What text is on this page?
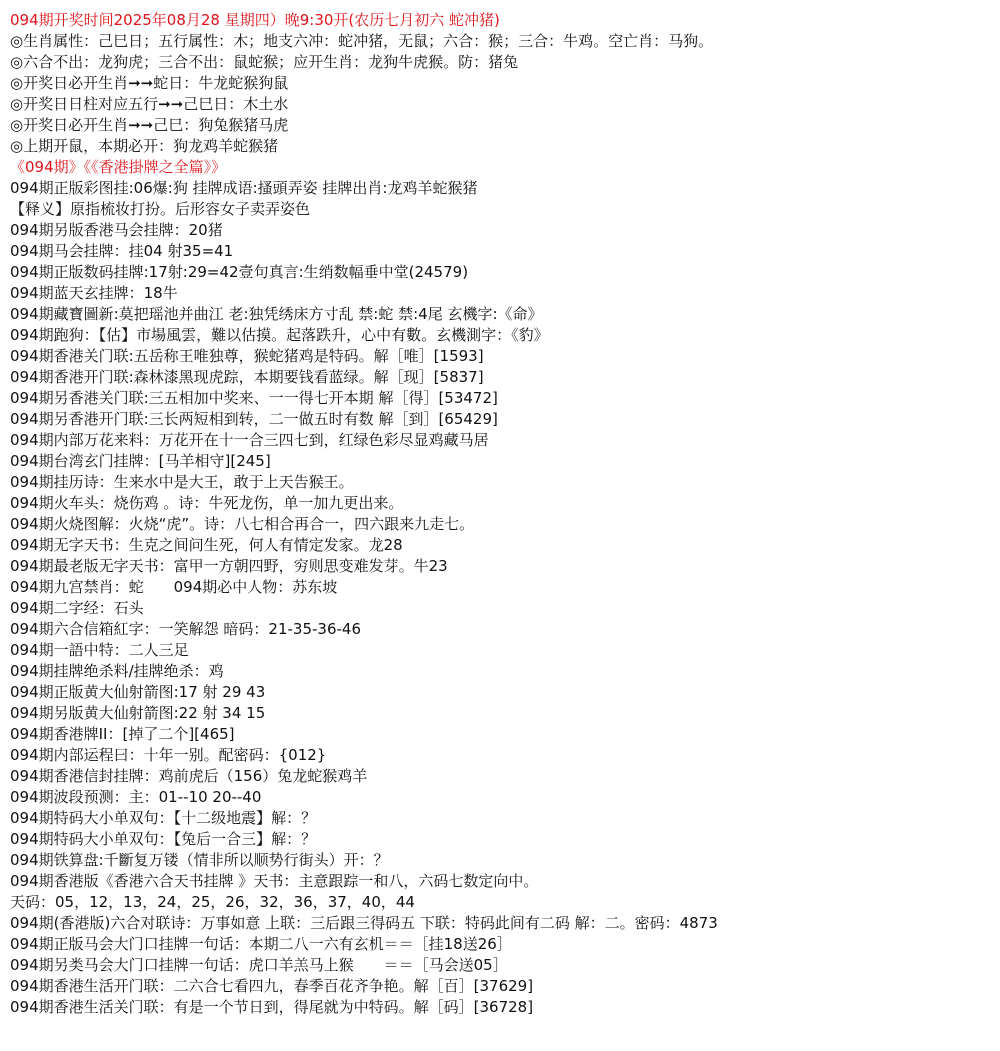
094期开奖时间2025年08月28 星期四）晚9:30开(农历七月初六 蛇冲猪)
◎生肖属性：己巳日；五行属性：木；地支六冲：蛇冲猪，无鼠；六合：猴；三合：牛鸡。空亡肖：马狗。
◎六合不出：龙狗虎；三合不出：鼠蛇猴；应开生肖：龙狗牛虎猴。防：猪兔
◎开奖日必开生肖➞➞蛇日：牛龙蛇猴狗鼠
◎开奖日日柱对应五行➞➞己巳日：木土水
◎开奖日必开生肖➞➞己巳：狗兔猴猪马虎
◎上期开鼠，本期必开：狗龙鸡羊蛇猴猪
《094期》《《香港掛牌之全篇》》
094期正版彩图挂:06爆:狗 挂牌成语:搔頭弄姿 挂牌出肖:龙鸡羊蛇猴猪
【释义】原指梳妆打扮。后形容女子卖弄姿色
094期另版香港马会挂牌：20猪
094期马会挂牌：挂04 射35=41
094期正版数码挂牌:17射:29=42壹句真言:生绡数幅垂中堂(24579)
094期蓝天玄挂牌：18牛
094期藏寶圖新:莫把瑶池并曲江 老:独凭绣床方寸乱 禁:蛇 禁:4尾 玄機字:《命》
094期跑狗：【估】市場風雲，難以估摸。起落跌升，心中有數。玄機測字：《豹》
094期香港关门联:五岳称王唯独尊，猴蛇猪鸡是特码。解［唯］[1593]
094期香港开门联:森林漆黑现虎踪，本期要钱看蓝绿。解［现］[5837]
094期另香港关门联:三五相加中奖来、一一得七开本期 解［得］[53472]
094期另香港开门联:三长两短相到转，二一做五时有数 解［到］[65429]
094期内部万花来料：万花开在十一合三四七到，红绿色彩尽显鸡藏马居
094期台湾玄门挂牌：[马羊相守][245]
094期挂历诗：生来水中是大王，敢于上天告猴王。
094期火车头：烧伤鸡 。诗：牛死龙伤，单一加九更出来。
094期火烧图解：火烧“虎”。诗：八七相合再合一，四六跟来九走七。
094期无字天书：生克之间问生死，何人有情定发家。龙28
094期最老版无字天书：富甲一方朝四野，穷则思变难发芽。牛23
094期九宫禁肖：蛇　　094期必中人物：苏东坡
094期二字经：石头
094期六合信箱紅字：一笑解怨 暗码：21-35-36-46
094期一語中特：二人三足
094期挂牌绝杀料/挂牌绝杀：鸡
094期正版黄大仙射箭图:17 射 29 43
094期另版黄大仙射箭图:22 射 34 15
094期香港牌II：[掉了二个][465]
094期内部运程曰：十年一别。配密码：{012}
094期香港信封挂牌：鸡前虎后（156）兔龙蛇猴鸡羊
094期波段预测：主：01--10 20--40
094期特码大小单双句：【十二级地震】解：？
094期特码大小单双句：【兔后一合三】解：？
094期铁算盘:千斷复万镂（情非所以顺势行街头）开：？
094期香港版《香港六合天书挂牌 》天书：主意跟踪一和八，六码七数定向中。
天码：05，12，13，24，25，26，32，36，37，40，44
094期(香港版)六合对联诗：万事如意 上联：三后跟三得码五 下联：特码此间有二码 解：二。密码：4873
094期正版马会大门口挂牌一句话：本期二八一六有玄机＝＝［挂18送26］
094期另类马会大门口挂牌一句话：虎口羊羔马上猴　　＝＝［马会送05］
094期香港生活开门联：二六合七看四九，春季百花齐争艳。解［百］[37629]
094期香港生活关门联：有是一个节日到，得尾就为中特码。解［码］[36728]
